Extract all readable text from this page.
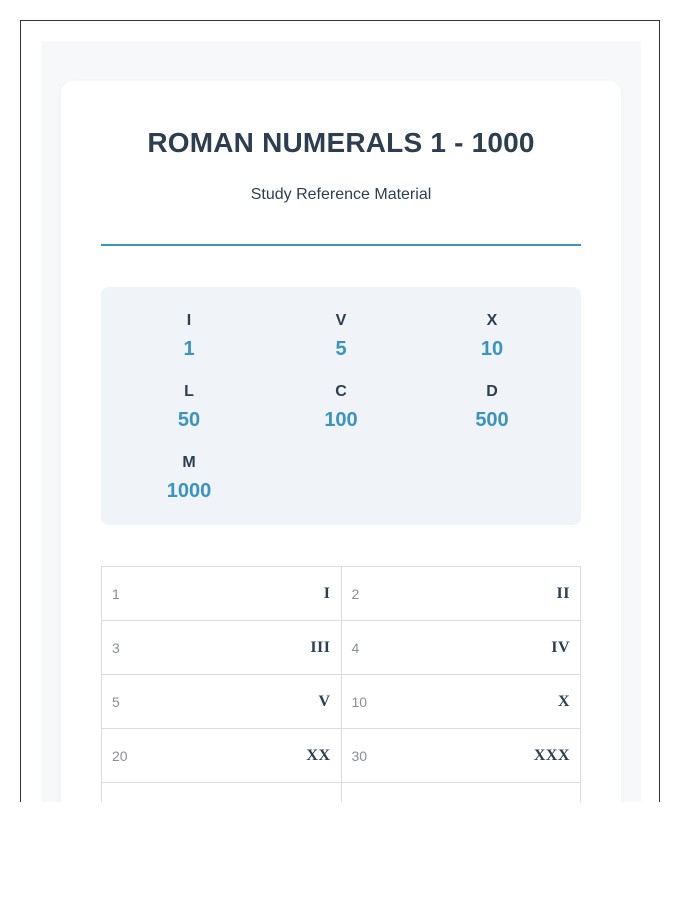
ROMAN NUMERALS 1 - 1000
Study Reference Material
I
1
V
5
X
10
L
50
C
100
D
500
M
1000
1	I 2	II
3	III 4	IV
5	V 10	X
20	XX 30	XXX
